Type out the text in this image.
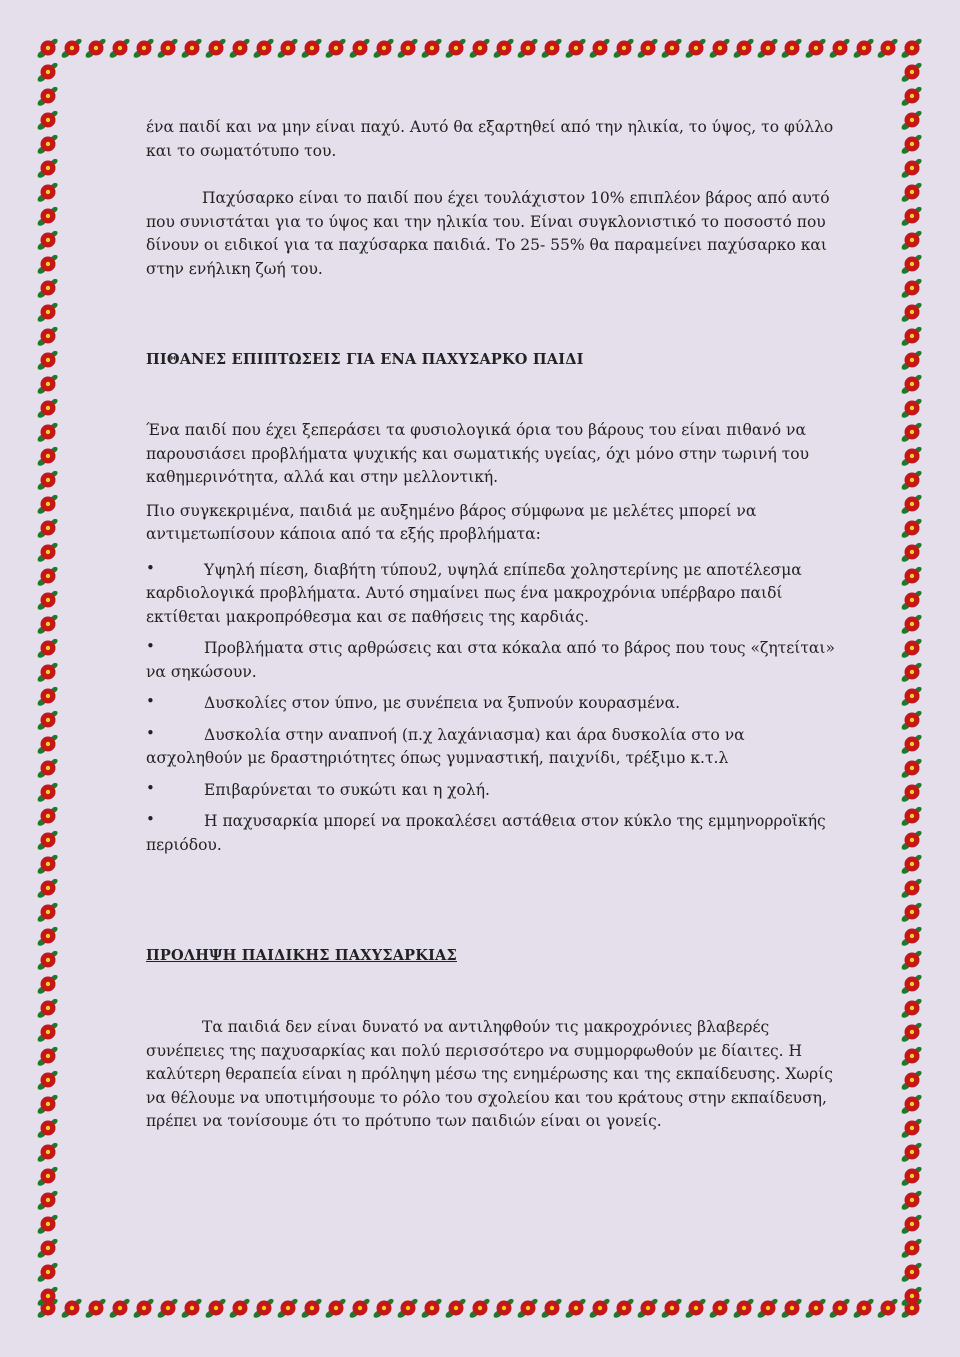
ένα παιδί και να μην είναι παχύ. Αυτό θα εξαρτηθεί από την ηλικία, το ύψος, το φύλλο και το σωματότυπο του.

Παχύσαρκο είναι το παιδί που έχει τουλάχιστον 10% επιπλέον βάρος από αυτό που συνιστάται για το ύψος και την ηλικία του. Είναι συγκλονιστικό το ποσοστό που δίνουν οι ειδικοί για τα παχύσαρκα παιδιά. Το 25- 55% θα παραμείνει παχύσαρκο και στην ενήλικη ζωή του.

ΠΙΘΑΝΕΣ ΕΠΙΠΤΩΣΕΙΣ ΓΙΑ ΕΝΑ ΠΑΧΥΣΑΡΚΟ ΠΑΙΔΙ

Ένα παιδί που έχει ξεπεράσει τα φυσιολογικά όρια του βάρους του είναι πιθανό να παρουσιάσει προβλήματα ψυχικής και σωματικής υγείας, όχι μόνο στην τωρινή του καθημερινότητα, αλλά και στην μελλοντική.

Πιο συγκεκριμένα, παιδιά με αυξημένο βάρος σύμφωνα με μελέτες μπορεί να αντιμετωπίσουν κάποια από τα εξής προβλήματα:

Υψηλή πίεση, διαβήτη τύπου2, υψηλά επίπεδα χοληστερίνης με αποτέλεσμα καρδιολογικά προβλήματα. Αυτό σημαίνει πως ένα μακροχρόνια υπέρβαρο παιδί εκτίθεται μακροπρόθεσμα και σε παθήσεις της καρδιάς.

Προβλήματα στις αρθρώσεις και στα κόκαλα από το βάρος που τους «ζητείται» να σηκώσουν.

Δυσκολίες στον ύπνο, με συνέπεια να ξυπνούν κουρασμένα.

Δυσκολία στην αναπνοή (π.χ λαχάνιασμα) και άρα δυσκολία στο να ασχοληθούν με δραστηριότητες όπως γυμναστική, παιχνίδι, τρέξιμο κ.τ.λ

Επιβαρύνεται το συκώτι και η χολή.

Η παχυσαρκία μπορεί να προκαλέσει αστάθεια στον κύκλο της εμμηνορροϊκής περιόδου.

ΠΡΟΛΗΨΗ ΠΑΙΔΙΚΗΣ ΠΑΧΥΣΑΡΚΙΑΣ

Τα παιδιά δεν είναι δυνατό να αντιληφθούν τις μακροχρόνιες βλαβερές συνέπειες της παχυσαρκίας και πολύ περισσότερο να συμμορφωθούν με δίαιτες. Η καλύτερη θεραπεία είναι η πρόληψη μέσω της ενημέρωσης και της εκπαίδευσης. Χωρίς να θέλουμε να υποτιμήσουμε το ρόλο του σχολείου και του κράτους στην εκπαίδευση, πρέπει να τονίσουμε ότι το πρότυπο των παιδιών είναι οι γονείς.
